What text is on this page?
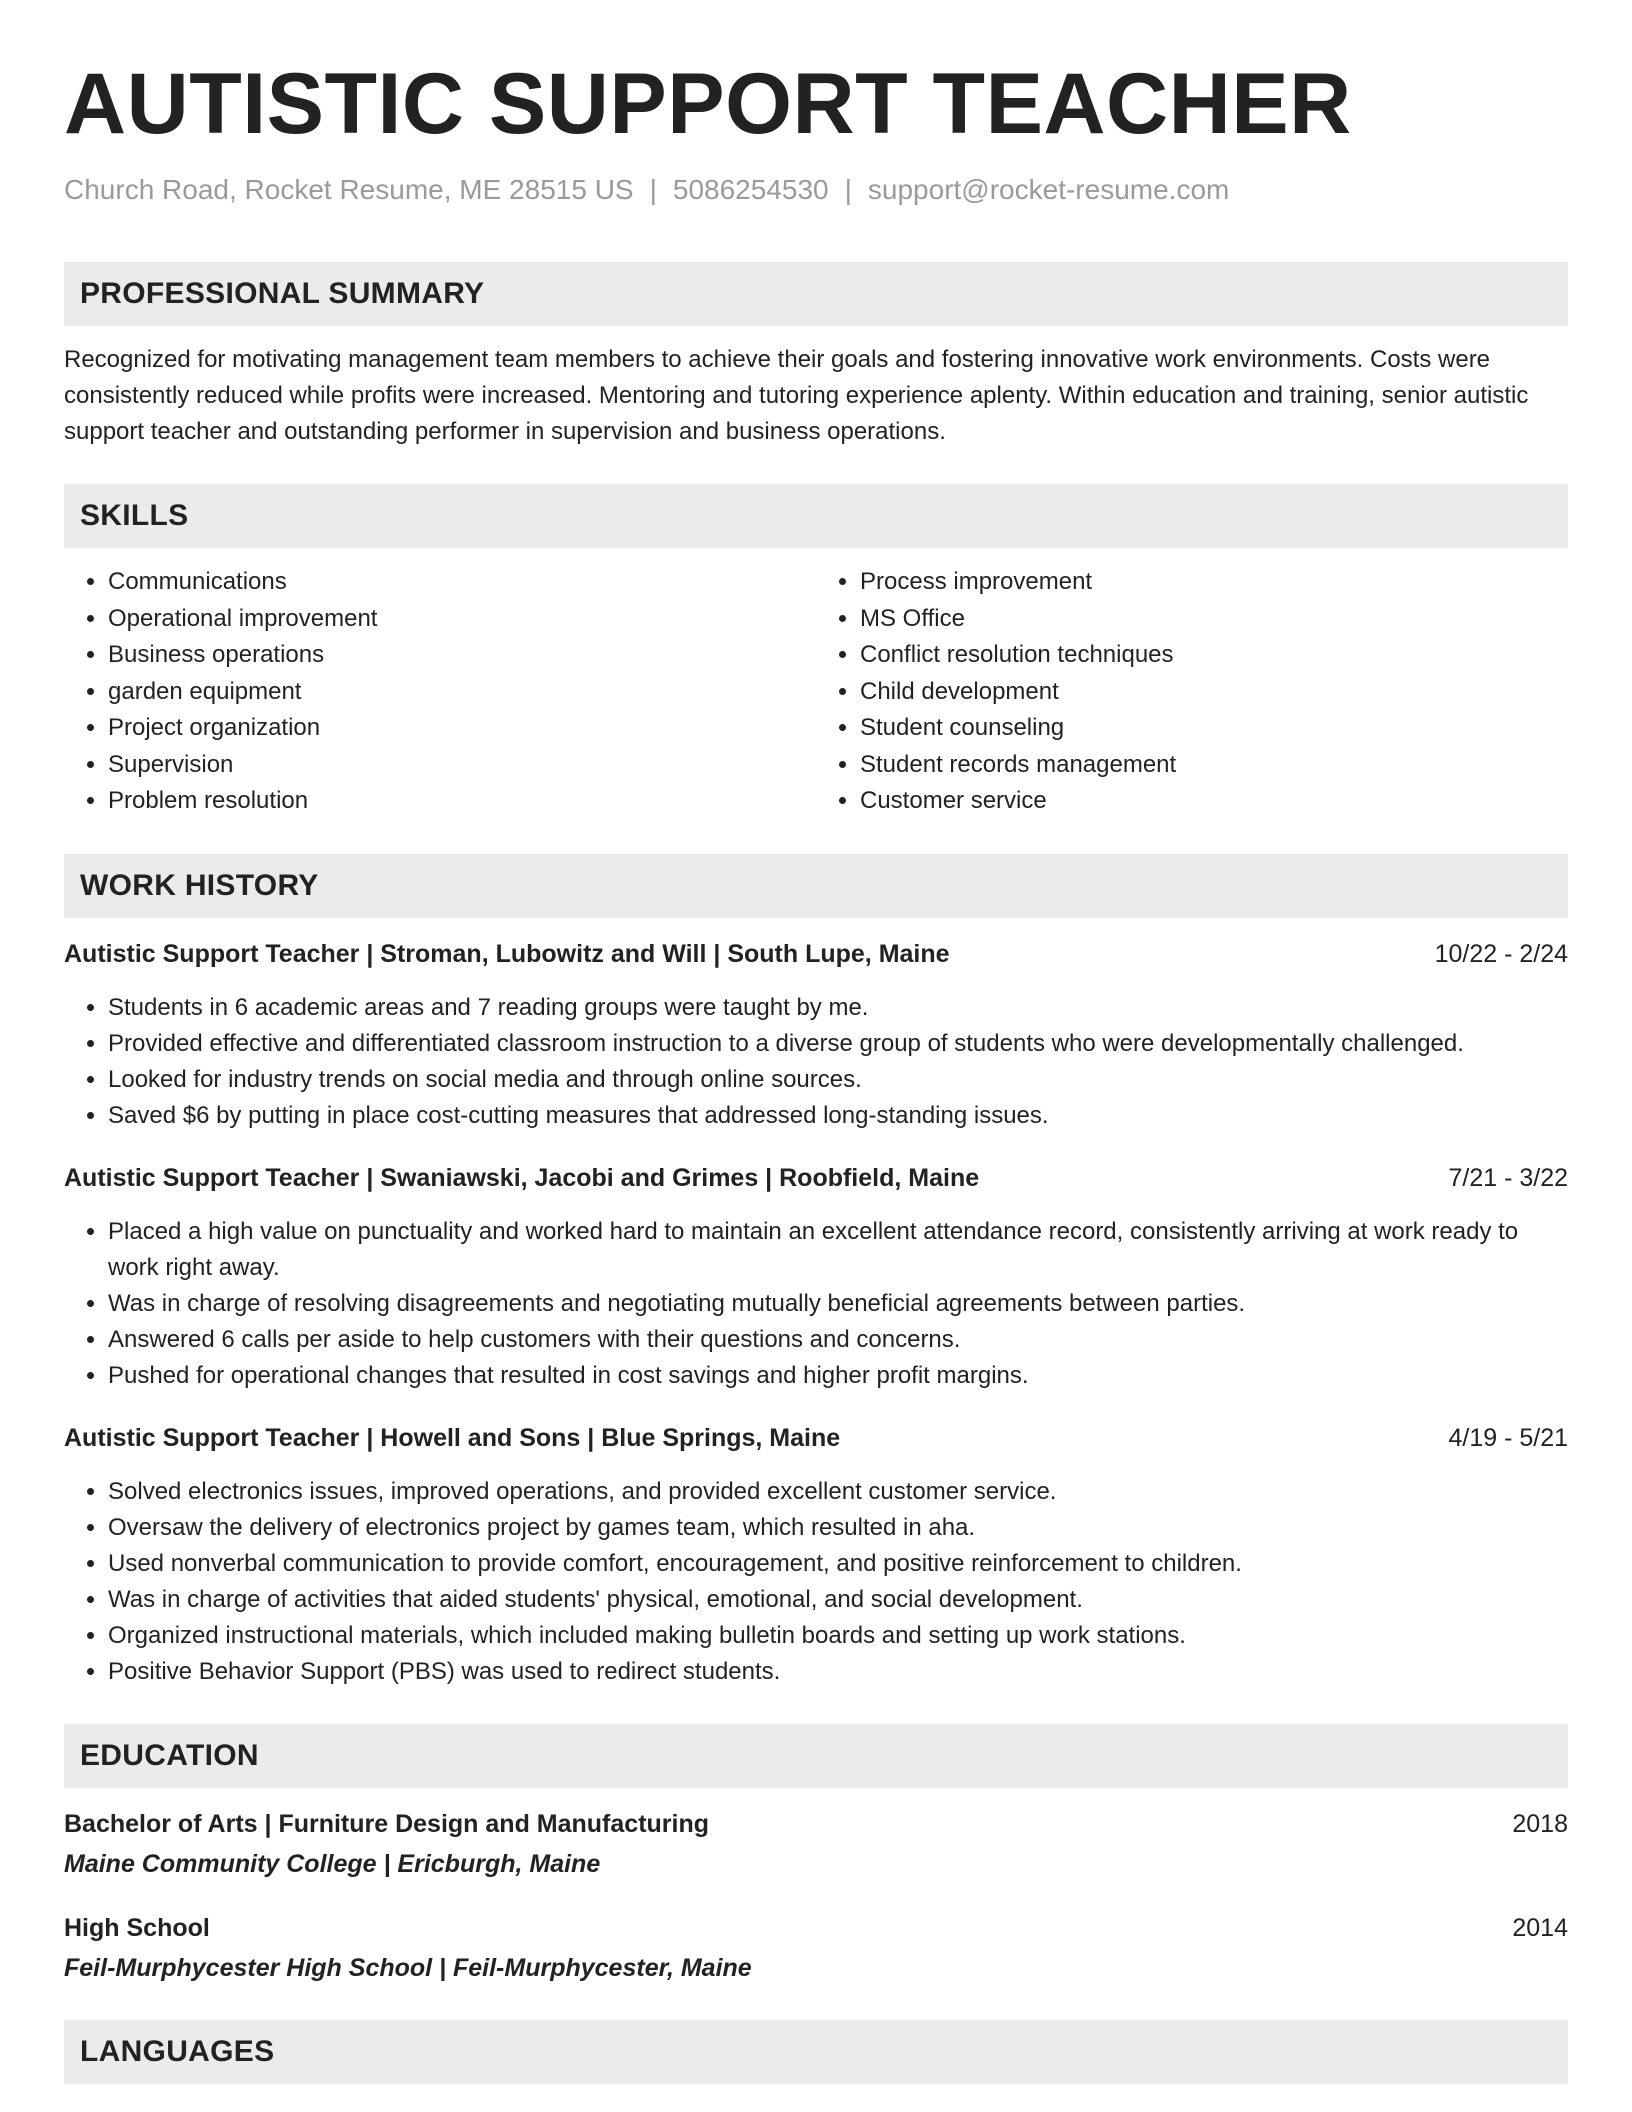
AUTISTIC SUPPORT TEACHER
Church Road, Rocket Resume, ME 28515 US | 5086254530 | support@rocket-resume.com
PROFESSIONAL SUMMARY
Recognized for motivating management team members to achieve their goals and fostering innovative work environments. Costs were consistently reduced while profits were increased. Mentoring and tutoring experience aplenty. Within education and training, senior autistic support teacher and outstanding performer in supervision and business operations.
SKILLS
• Communications
• Operational improvement
• Business operations
• garden equipment
• Project organization
• Supervision
• Problem resolution
• Process improvement
• MS Office
• Conflict resolution techniques
• Child development
• Student counseling
• Student records management
• Customer service
WORK HISTORY
Autistic Support Teacher | Stroman, Lubowitz and Will | South Lupe, Maine	10/22 - 2/24
• Students in 6 academic areas and 7 reading groups were taught by me.
• Provided effective and differentiated classroom instruction to a diverse group of students who were developmentally challenged.
• Looked for industry trends on social media and through online sources.
• Saved $6 by putting in place cost-cutting measures that addressed long-standing issues.
Autistic Support Teacher | Swaniawski, Jacobi and Grimes | Roobfield, Maine	7/21 - 3/22
• Placed a high value on punctuality and worked hard to maintain an excellent attendance record, consistently arriving at work ready to work right away.
• Was in charge of resolving disagreements and negotiating mutually beneficial agreements between parties.
• Answered 6 calls per aside to help customers with their questions and concerns.
• Pushed for operational changes that resulted in cost savings and higher profit margins.
Autistic Support Teacher | Howell and Sons | Blue Springs, Maine	4/19 - 5/21
• Solved electronics issues, improved operations, and provided excellent customer service.
• Oversaw the delivery of electronics project by games team, which resulted in aha.
• Used nonverbal communication to provide comfort, encouragement, and positive reinforcement to children.
• Was in charge of activities that aided students' physical, emotional, and social development.
• Organized instructional materials, which included making bulletin boards and setting up work stations.
• Positive Behavior Support (PBS) was used to redirect students.
EDUCATION
Bachelor of Arts | Furniture Design and Manufacturing	2018
Maine Community College | Ericburgh, Maine
High School	2014
Feil-Murphycester High School | Feil-Murphycester, Maine
LANGUAGES
